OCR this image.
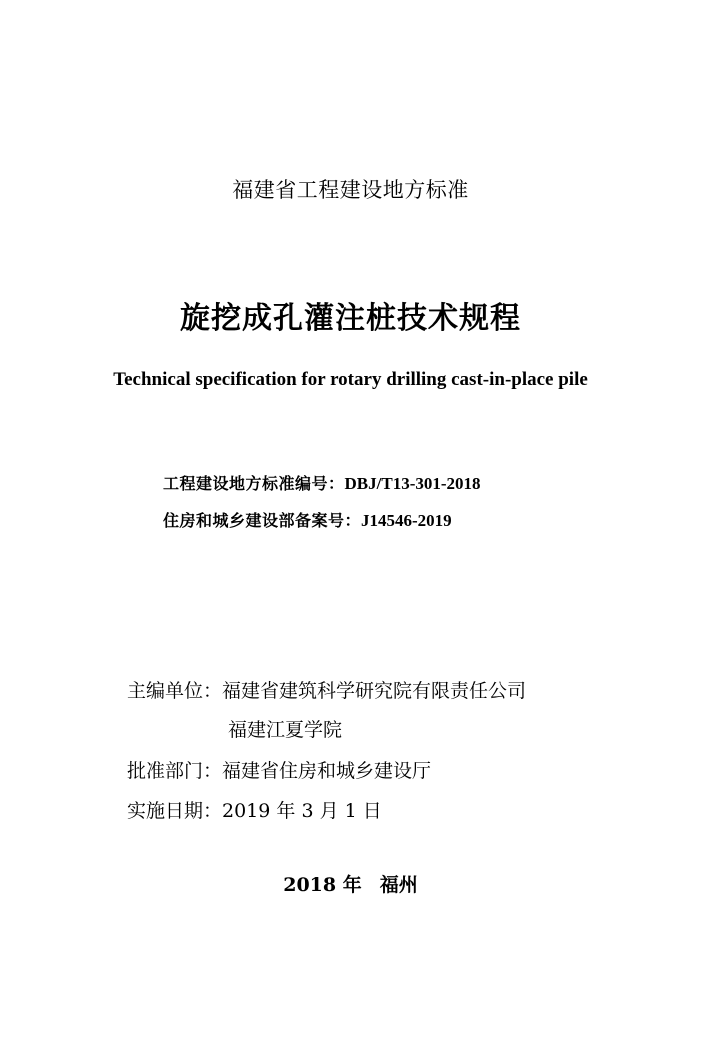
福建省工程建设地方标准
旋挖成孔灌注桩技术规程
Technical specification for rotary drilling cast-in-place pile
工程建设地方标准编号：DBJ/T13-301-2018
住房和城乡建设部备案号：J14546-2019
主编单位：福建省建筑科学研究院有限责任公司
福建江夏学院
批准部门：福建省住房和城乡建设厅
实施日期：2019 年 3 月 1 日
2018 年 福州
